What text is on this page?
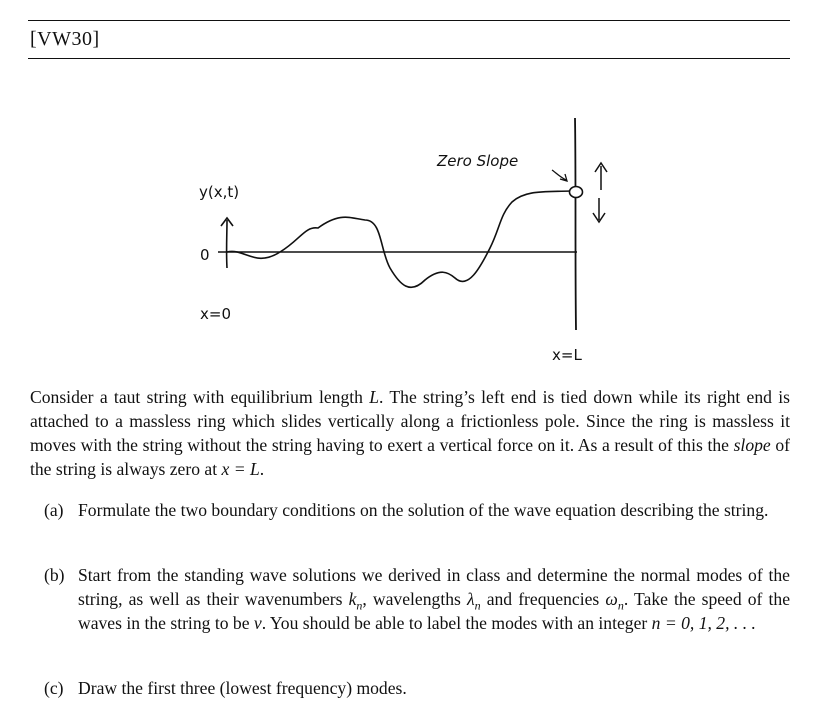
[VW30]
Zero Slope
y(x,t)
0
x=0
x=L

Consider a taut string with equilibrium length L. The string’s left end is tied down while its right end is attached to a massless ring which slides vertically along a frictionless pole. Since the ring is massless it moves with the string without the string having to exert a vertical force on it. As a result of this the slope of the string is always zero at x = L.

(a) Formulate the two boundary conditions on the solution of the wave equation describing the string.
(b) Start from the standing wave solutions we derived in class and determine the normal modes of the string, as well as their wavenumbers $k_n$, wavelengths $\lambda_n$ and frequencies $\omega_n$. Take the speed of the waves in the string to be v. You should be able to label the modes with an integer n = 0, 1, 2, . . .
(c) Draw the first three (lowest frequency) modes.
